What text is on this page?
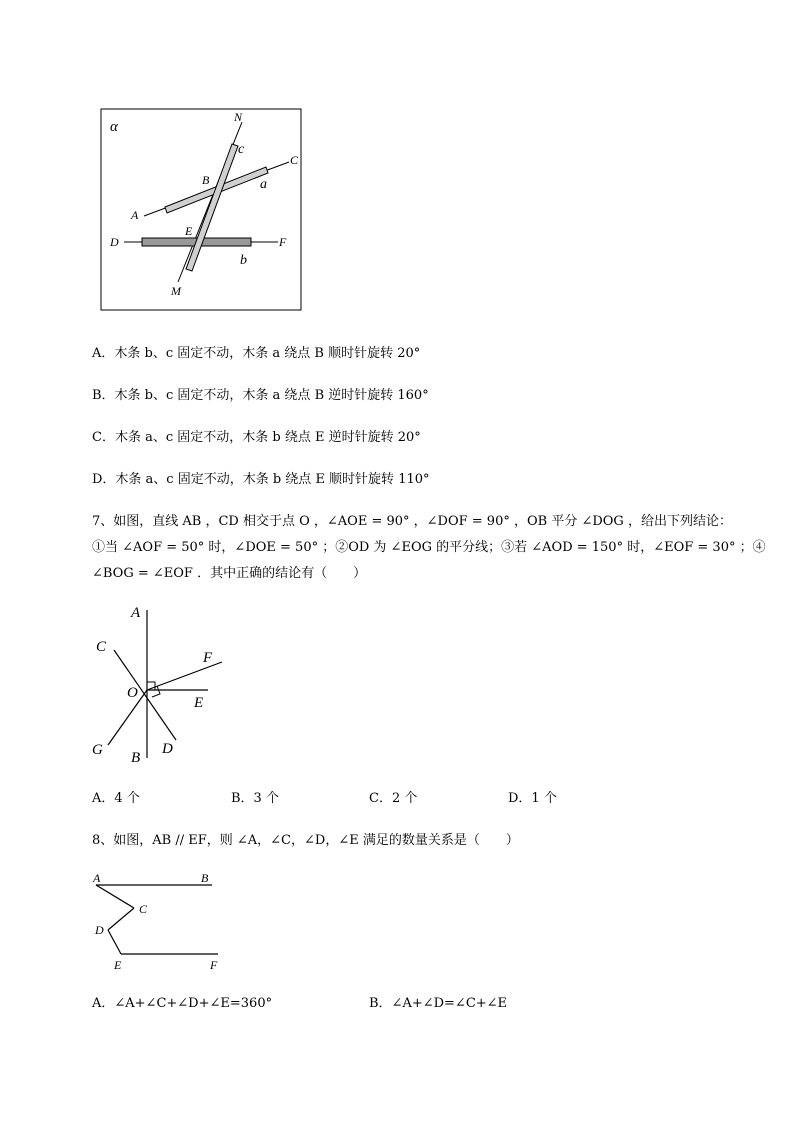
α
N
C
c
a
B
A
E
D	F
b
M
A．木条 b、c 固定不动，木条 a 绕点 B 顺时针旋转 20°
B．木条 b、c 固定不动，木条 a 绕点 B 逆时针旋转 160°
C．木条 a、c 固定不动，木条 b 绕点 E 逆时针旋转 20°
D．木条 a、c 固定不动，木条 b 绕点 E 顺时针旋转 110°
7、如图，直线 AB ，CD 相交于点 O ，∠AOE = 90° ，∠DOF = 90° ，OB 平分 ∠DOG ，给出下列结论：
①当 ∠AOF = 50° 时，∠DOE = 50° ；②OD 为 ∠EOG 的平分线；③若 ∠AOD = 150° 时，∠EOF = 30° ；④
∠BOG = ∠EOF ．其中正确的结论有（　　）
A
C
F
O
E
G B
D
A．4 个	B．3 个	C．2 个	D．1 个
8、如图，AB // EF，则 ∠A，∠C，∠D，∠E 满足的数量关系是（　　）
A	B
C
D
E	F
A．∠A+∠C+∠D+∠E=360°	B．∠A+∠D=∠C+∠E
